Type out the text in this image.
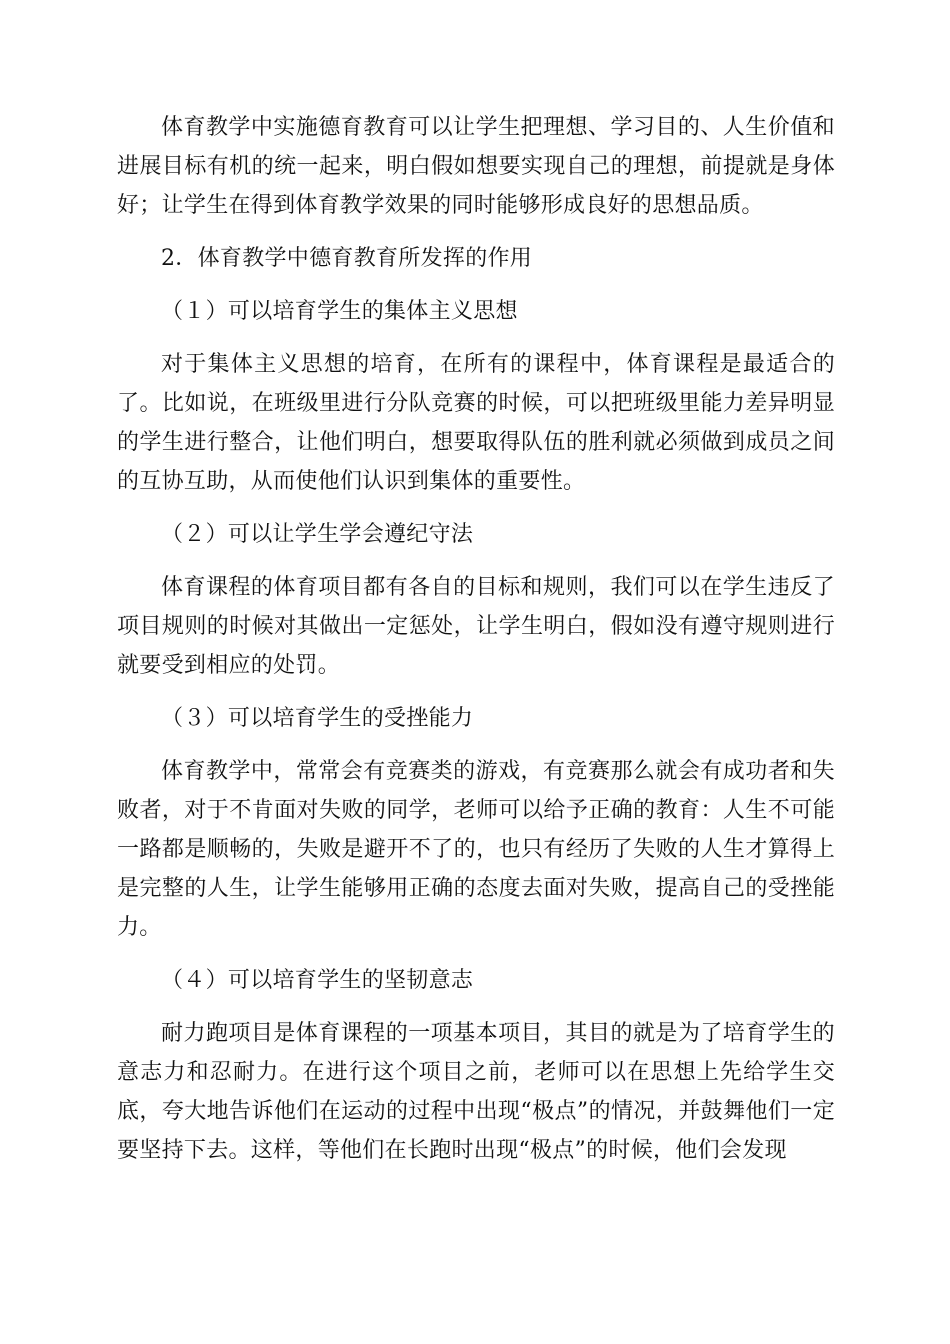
体育教学中实施德育教育可以让学生把理想、学习目的、人生价值和进展目标有机的统一起来，明白假如想要实现自己的理想，前提就是身体好；让学生在得到体育教学效果的同时能够形成良好的思想品质。

2．体育教学中德育教育所发挥的作用

（１）可以培育学生的集体主义思想

对于集体主义思想的培育，在所有的课程中，体育课程是最适合的了。比如说，在班级里进行分队竞赛的时候，可以把班级里能力差异明显的学生进行整合，让他们明白，想要取得队伍的胜利就必须做到成员之间的互协互助，从而使他们认识到集体的重要性。

（２）可以让学生学会遵纪守法

体育课程的体育项目都有各自的目标和规则，我们可以在学生违反了项目规则的时候对其做出一定惩处，让学生明白，假如没有遵守规则进行就要受到相应的处罚。

（３）可以培育学生的受挫能力

体育教学中，常常会有竞赛类的游戏，有竞赛那么就会有成功者和失败者，对于不肯面对失败的同学，老师可以给予正确的教育：人生不可能一路都是顺畅的，失败是避开不了的，也只有经历了失败的人生才算得上是完整的人生，让学生能够用正确的态度去面对失败，提高自己的受挫能力。

（４）可以培育学生的坚韧意志

耐力跑项目是体育课程的一项基本项目，其目的就是为了培育学生的意志力和忍耐力。在进行这个项目之前，老师可以在思想上先给学生交底，夸大地告诉他们在运动的过程中出现“极点”的情况，并鼓舞他们一定要坚持下去。这样，等他们在长跑时出现“极点”的时候，他们会发现
